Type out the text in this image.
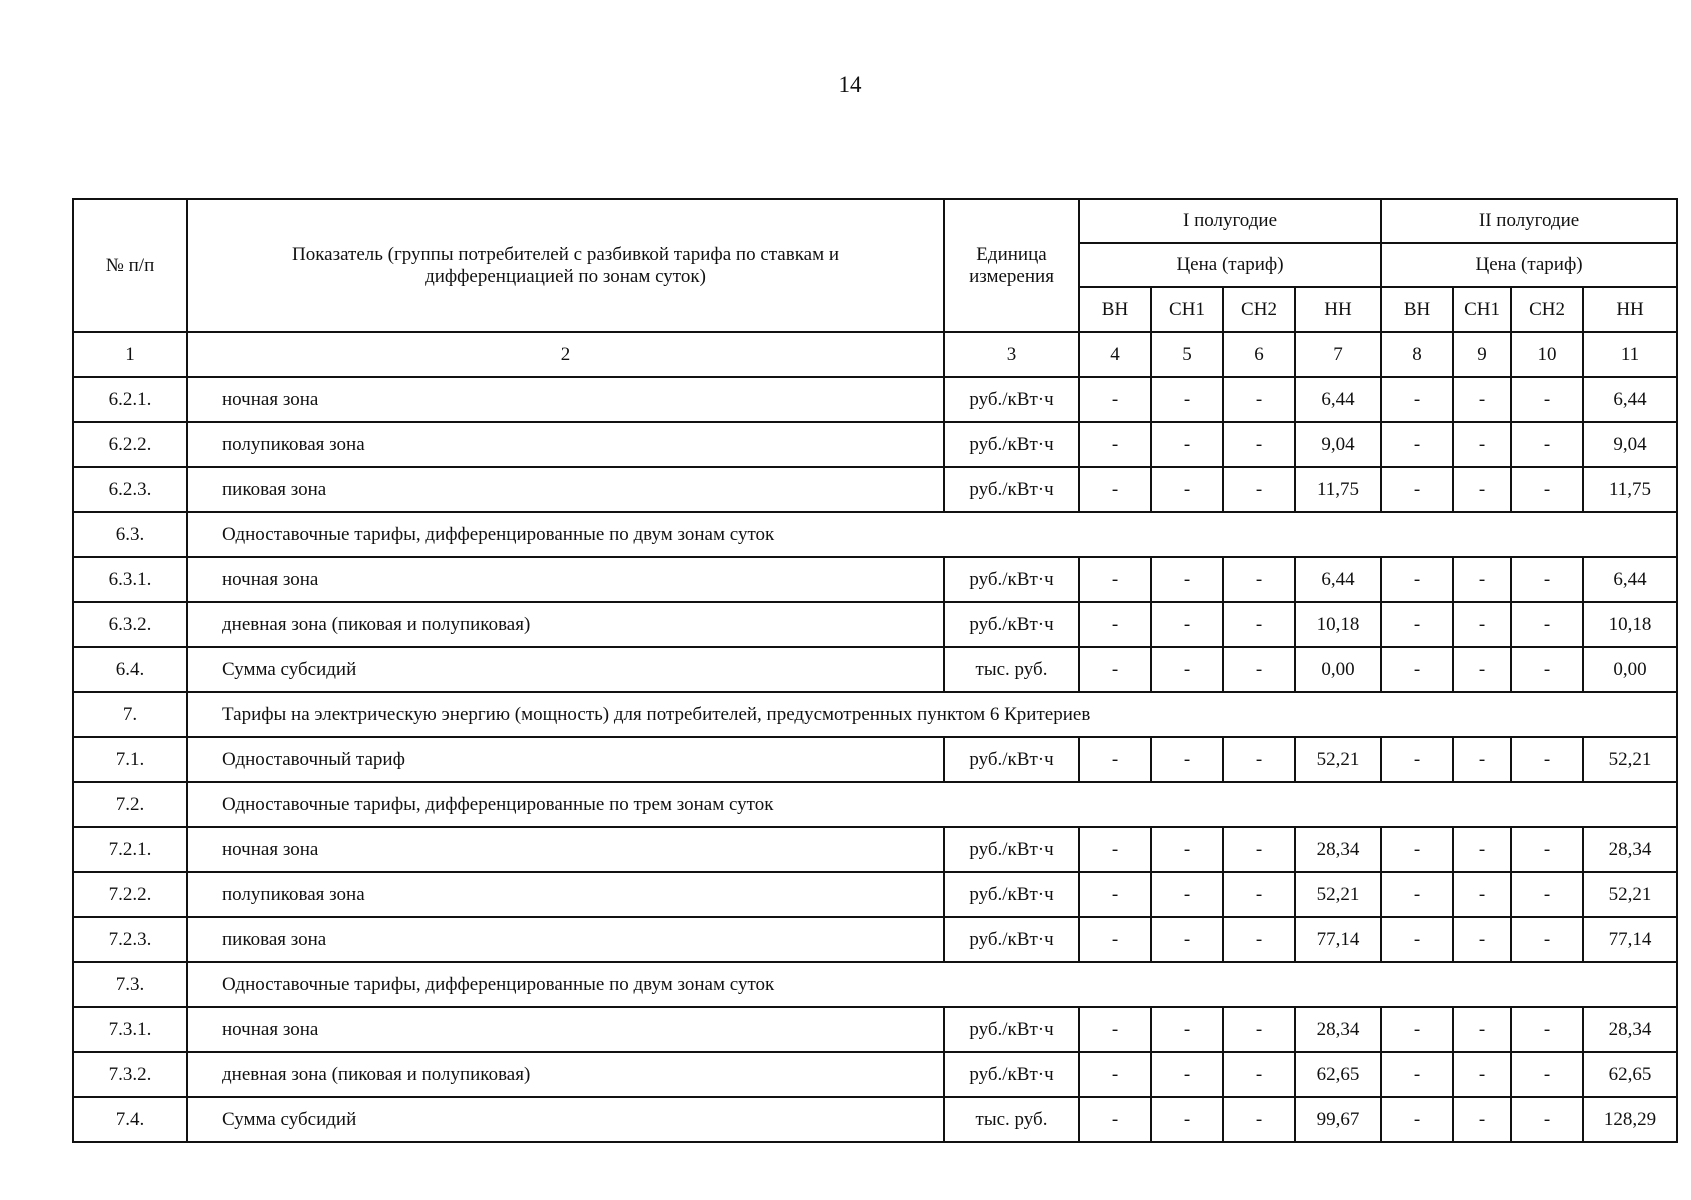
14
№ п/п	Показатель (группы потребителей с разбивкой тарифа по ставкам и дифференциацией по зонам суток)	Единица измерения	I полугодие				II полугодие			
			Цена (тариф)				Цена (тариф)			
			ВН	СН1	СН2	НН	ВН	СН1	СН2	НН
1	2	3	4	5	6	7	8	9	10	11
6.2.1.	ночная зона	руб./кВт·ч	-	-	-	6,44	-	-	-	6,44
6.2.2.	полупиковая зона	руб./кВт·ч	-	-	-	9,04	-	-	-	9,04
6.2.3.	пиковая зона	руб./кВт·ч	-	-	-	11,75	-	-	-	11,75
6.3.	Одноставочные тарифы, дифференцированные по двум зонам суток									
6.3.1.	ночная зона	руб./кВт·ч	-	-	-	6,44	-	-	-	6,44
6.3.2.	дневная зона (пиковая и полупиковая)	руб./кВт·ч	-	-	-	10,18	-	-	-	10,18
6.4.	Сумма субсидий	тыс. руб.	-	-	-	0,00	-	-	-	0,00
7.	Тарифы на электрическую энергию (мощность) для потребителей, предусмотренных пунктом 6 Критериев									
7.1.	Одноставочный тариф	руб./кВт·ч	-	-	-	52,21	-	-	-	52,21
7.2.	Одноставочные тарифы, дифференцированные по трем зонам суток									
7.2.1.	ночная зона	руб./кВт·ч	-	-	-	28,34	-	-	-	28,34
7.2.2.	полупиковая зона	руб./кВт·ч	-	-	-	52,21	-	-	-	52,21
7.2.3.	пиковая зона	руб./кВт·ч	-	-	-	77,14	-	-	-	77,14
7.3.	Одноставочные тарифы, дифференцированные по двум зонам суток									
7.3.1.	ночная зона	руб./кВт·ч	-	-	-	28,34	-	-	-	28,34
7.3.2.	дневная зона (пиковая и полупиковая)	руб./кВт·ч	-	-	-	62,65	-	-	-	62,65
7.4.	Сумма субсидий	тыс. руб.	-	-	-	99,67	-	-	-	128,29
